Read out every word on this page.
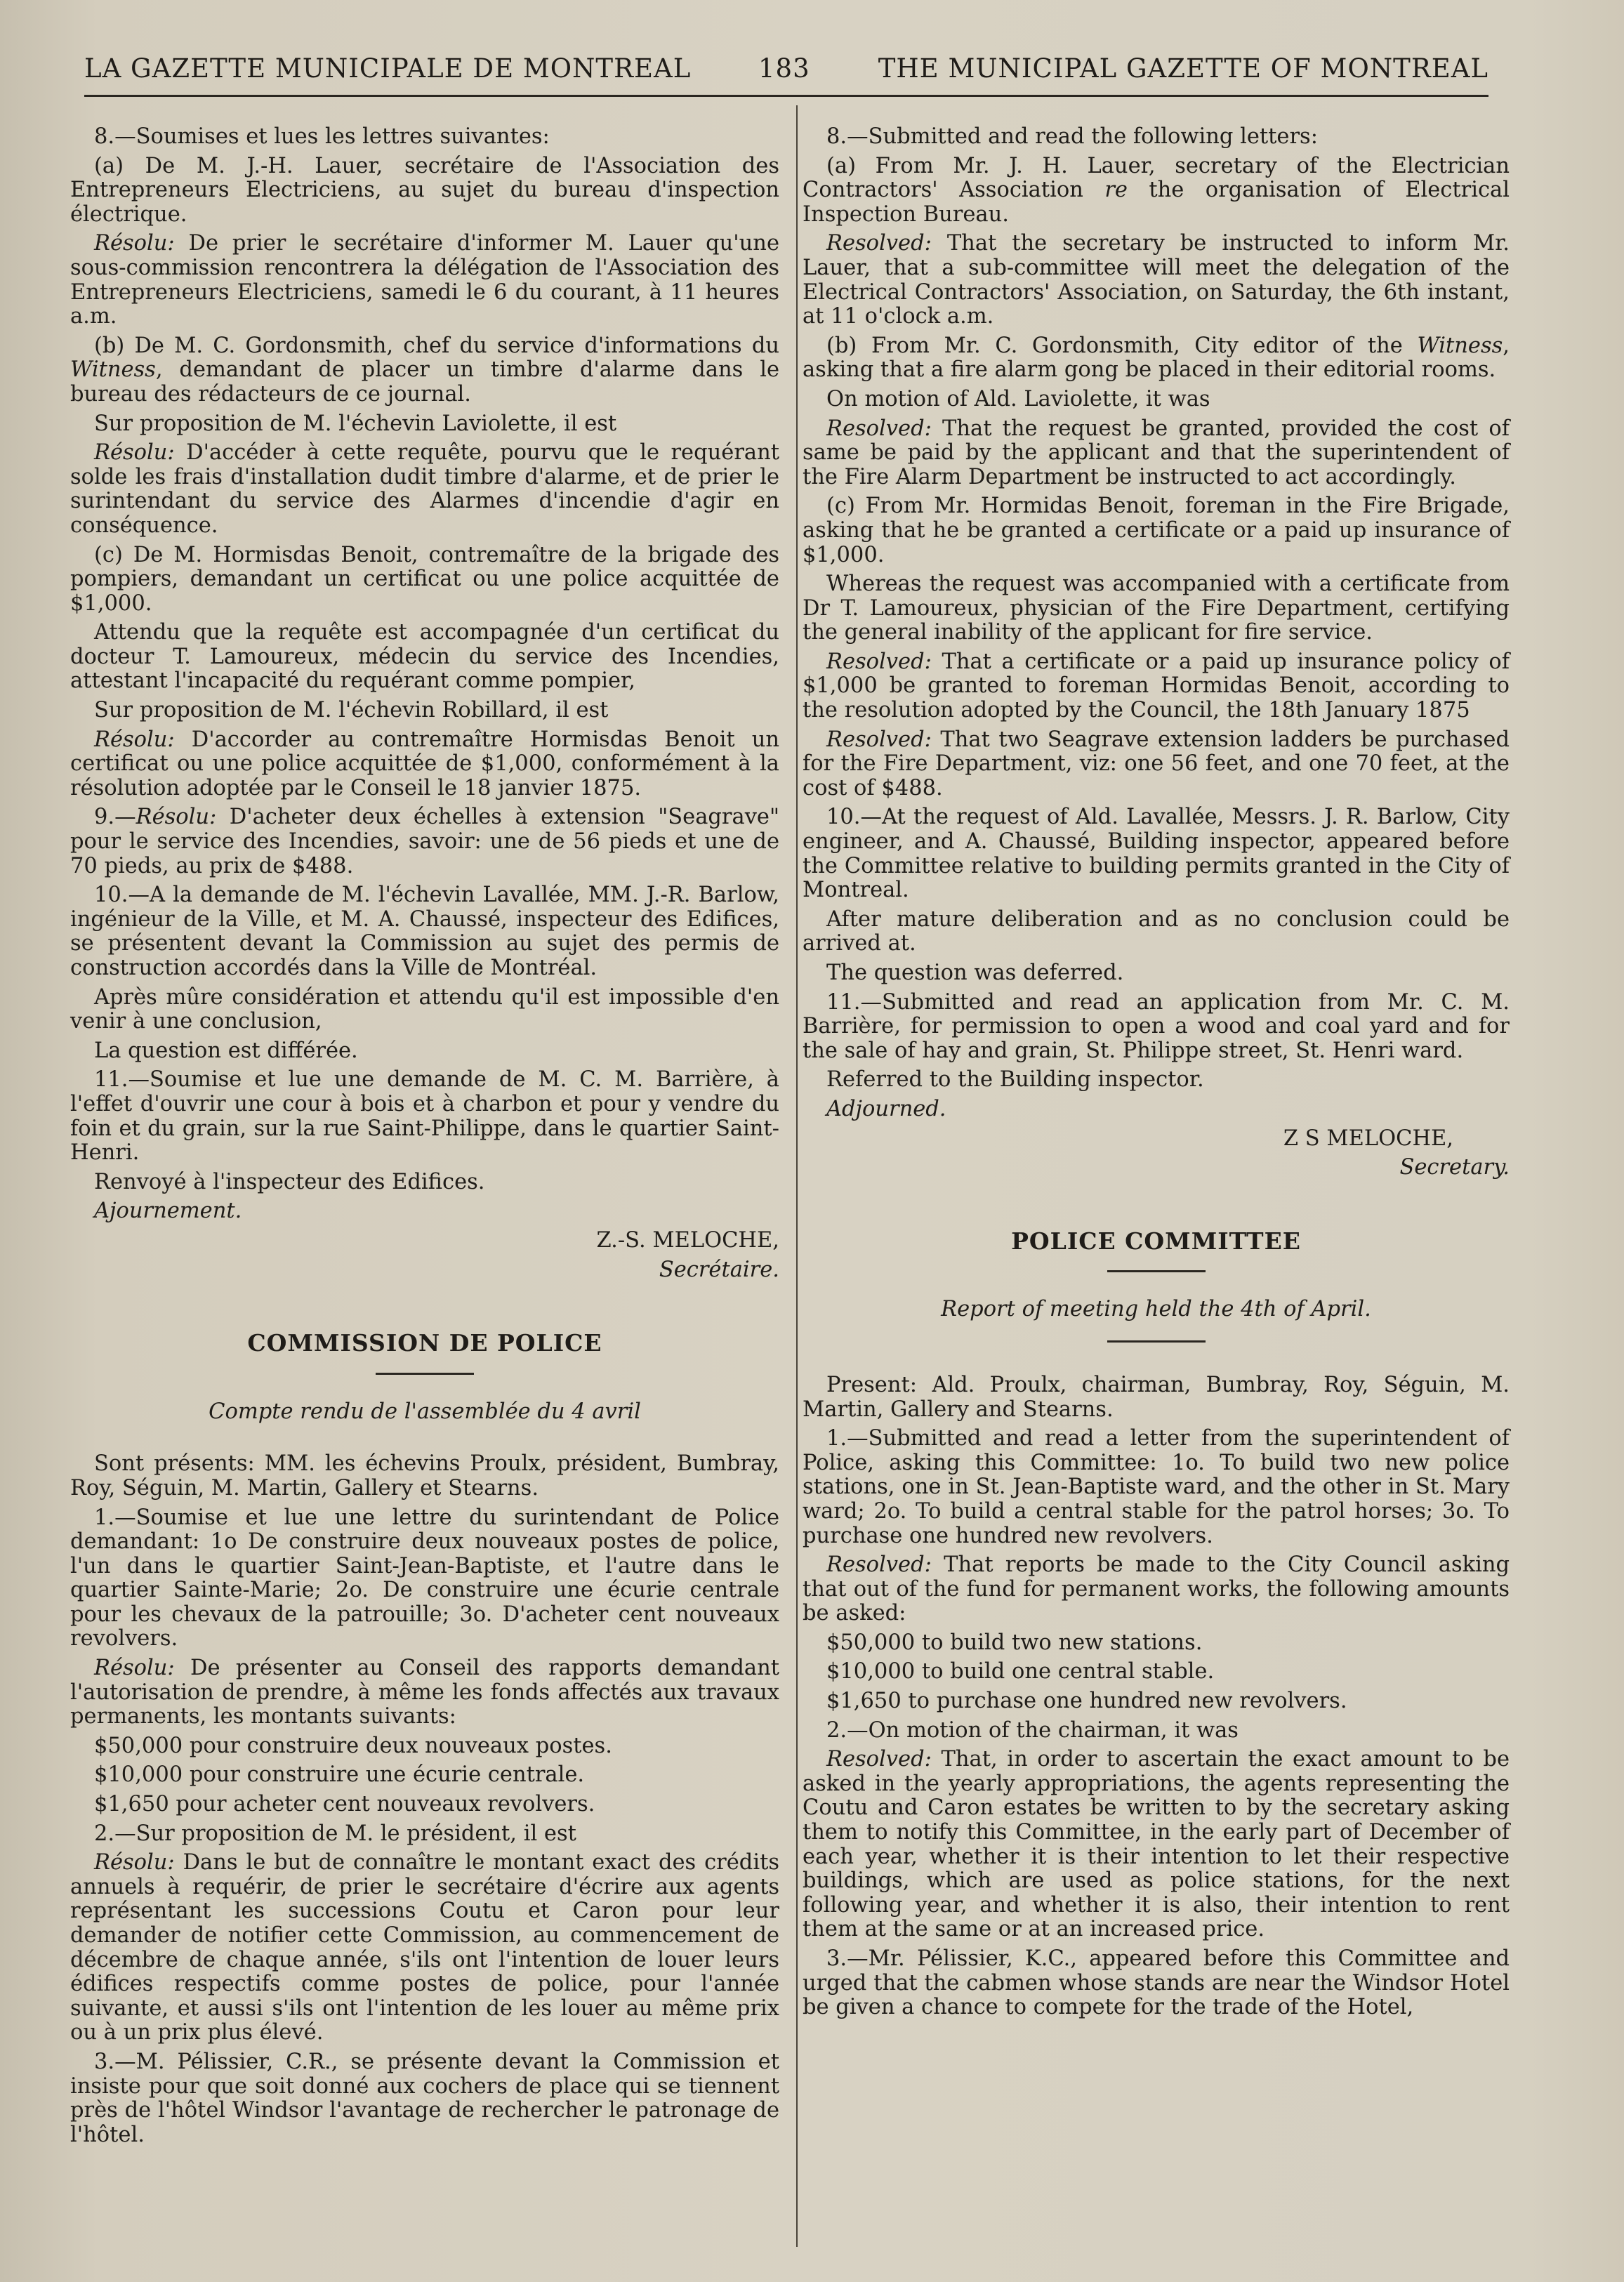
LA GAZETTE MUNICIPALE DE MONTREAL	183	THE MUNICIPAL GAZETTE OF MONTREAL

8.—Soumises et lues les lettres suivantes:

(a) De M. J.-H. Lauer, secrétaire de l'Association des Entrepreneurs Electriciens, au sujet du bureau d'inspection électrique.

Résolu: De prier le secrétaire d'informer M. Lauer qu'une sous-commission rencontrera la délégation de l'Association des Entrepreneurs Electriciens, samedi le 6 du courant, à 11 heures a.m.

(b) De M. C. Gordonsmith, chef du service d'informations du Witness, demandant de placer un timbre d'alarme dans le bureau des rédacteurs de ce journal.

Sur proposition de M. l'échevin Laviolette, il est

Résolu: D'accéder à cette requête, pourvu que le requérant solde les frais d'installation dudit timbre d'alarme, et de prier le surintendant du service des Alarmes d'incendie d'agir en conséquence.

(c) De M. Hormisdas Benoit, contremaître de la brigade des pompiers, demandant un certificat ou une police acquittée de $1,000.

Attendu que la requête est accompagnée d'un certificat du docteur T. Lamoureux, médecin du service des Incendies, attestant l'incapacité du requérant comme pompier,

Sur proposition de M. l'échevin Robillard, il est

Résolu: D'accorder au contremaître Hormisdas Benoit un certificat ou une police acquittée de $1,000, conformément à la résolution adoptée par le Conseil le 18 janvier 1875.

9.—Résolu: D'acheter deux échelles à extension "Seagrave" pour le service des Incendies, savoir: une de 56 pieds et une de 70 pieds, au prix de $488.

10.—A la demande de M. l'échevin Lavallée, MM. J.-R. Barlow, ingénieur de la Ville, et M. A. Chaussé, inspecteur des Edifices, se présentent devant la Commission au sujet des permis de construction accordés dans la Ville de Montréal.

Après mûre considération et attendu qu'il est impossible d'en venir à une conclusion,

La question est différée.

11.—Soumise et lue une demande de M. C. M. Barrière, à l'effet d'ouvrir une cour à bois et à charbon et pour y vendre du foin et du grain, sur la rue Saint-Philippe, dans le quartier Saint-Henri.

Renvoyé à l'inspecteur des Edifices.

Ajournement.

Z.-S. MELOCHE,

Secrétaire.

COMMISSION DE POLICE
Compte rendu de l'assemblée du 4 avril

Sont présents: MM. les échevins Proulx, président, Bumbray, Roy, Séguin, M. Martin, Gallery et Stearns.

1.—Soumise et lue une lettre du surintendant de Police demandant: 1o De construire deux nouveaux postes de police, l'un dans le quartier Saint-Jean-Baptiste, et l'autre dans le quartier Sainte-Marie; 2o. De construire une écurie centrale pour les chevaux de la patrouille; 3o. D'acheter cent nouveaux revolvers.

Résolu: De présenter au Conseil des rapports demandant l'autorisation de prendre, à même les fonds affectés aux travaux permanents, les montants suivants:

$50,000 pour construire deux nouveaux postes.

$10,000 pour construire une écurie centrale.

$1,650 pour acheter cent nouveaux revolvers.

2.—Sur proposition de M. le président, il est

Résolu: Dans le but de connaître le montant exact des crédits annuels à requérir, de prier le secrétaire d'écrire aux agents représentant les successions Coutu et Caron pour leur demander de notifier cette Commission, au commencement de décembre de chaque année, s'ils ont l'intention de louer leurs édifices respectifs comme postes de police, pour l'année suivante, et aussi s'ils ont l'intention de les louer au même prix ou à un prix plus élevé.

3.—M. Pélissier, C.R., se présente devant la Commission et insiste pour que soit donné aux cochers de place qui se tiennent près de l'hôtel Windsor l'avantage de rechercher le patronage de l'hôtel.

8.—Submitted and read the following letters:

(a) From Mr. J. H. Lauer, secretary of the Electrician Contractors' Association re the organisation of Electrical Inspection Bureau.

Resolved: That the secretary be instructed to inform Mr. Lauer, that a sub-committee will meet the delegation of the Electrical Contractors' Association, on Saturday, the 6th instant, at 11 o'clock a.m.

(b) From Mr. C. Gordonsmith, City editor of the Witness, asking that a fire alarm gong be placed in their editorial rooms.

On motion of Ald. Laviolette, it was

Resolved: That the request be granted, provided the cost of same be paid by the applicant and that the superintendent of the Fire Alarm Department be instructed to act accordingly.

(c) From Mr. Hormidas Benoit, foreman in the Fire Brigade, asking that he be granted a certificate or a paid up insurance of $1,000.

Whereas the request was accompanied with a certificate from Dr T. Lamoureux, physician of the Fire Department, certifying the general inability of the applicant for fire service.

Resolved: That a certificate or a paid up insurance policy of $1,000 be granted to foreman Hormidas Benoit, according to the resolution adopted by the Council, the 18th January 1875

Resolved: That two Seagrave extension ladders be purchased for the Fire Department, viz: one 56 feet, and one 70 feet, at the cost of $488.

10.—At the request of Ald. Lavallée, Messrs. J. R. Barlow, City engineer, and A. Chaussé, Building inspector, appeared before the Committee relative to building permits granted in the City of Montreal.

After mature deliberation and as no conclusion could be arrived at.

The question was deferred.

11.—Submitted and read an application from Mr. C. M. Barrière, for permission to open a wood and coal yard and for the sale of hay and grain, St. Philippe street, St. Henri ward.

Referred to the Building inspector.

Adjourned.

Z S MELOCHE,

Secretary.

POLICE COMMITTEE
Report of meeting held the 4th of April.

Present: Ald. Proulx, chairman, Bumbray, Roy, Séguin, M. Martin, Gallery and Stearns.

1.—Submitted and read a letter from the superintendent of Police, asking this Committee: 1o. To build two new police stations, one in St. Jean-Baptiste ward, and the other in St. Mary ward; 2o. To build a central stable for the patrol horses; 3o. To purchase one hundred new revolvers.

Resolved: That reports be made to the City Council asking that out of the fund for permanent works, the following amounts be asked:

$50,000 to build two new stations.

$10,000 to build one central stable.

$1,650 to purchase one hundred new revolvers.

2.—On motion of the chairman, it was

Resolved: That, in order to ascertain the exact amount to be asked in the yearly appropriations, the agents representing the Coutu and Caron estates be written to by the secretary asking them to notify this Committee, in the early part of December of each year, whether it is their intention to let their respective buildings, which are used as police stations, for the next following year, and whether it is also, their intention to rent them at the same or at an increased price.

3.—Mr. Pélissier, K.C., appeared before this Committee and urged that the cabmen whose stands are near the Windsor Hotel be given a chance to compete for the trade of the Hotel,
